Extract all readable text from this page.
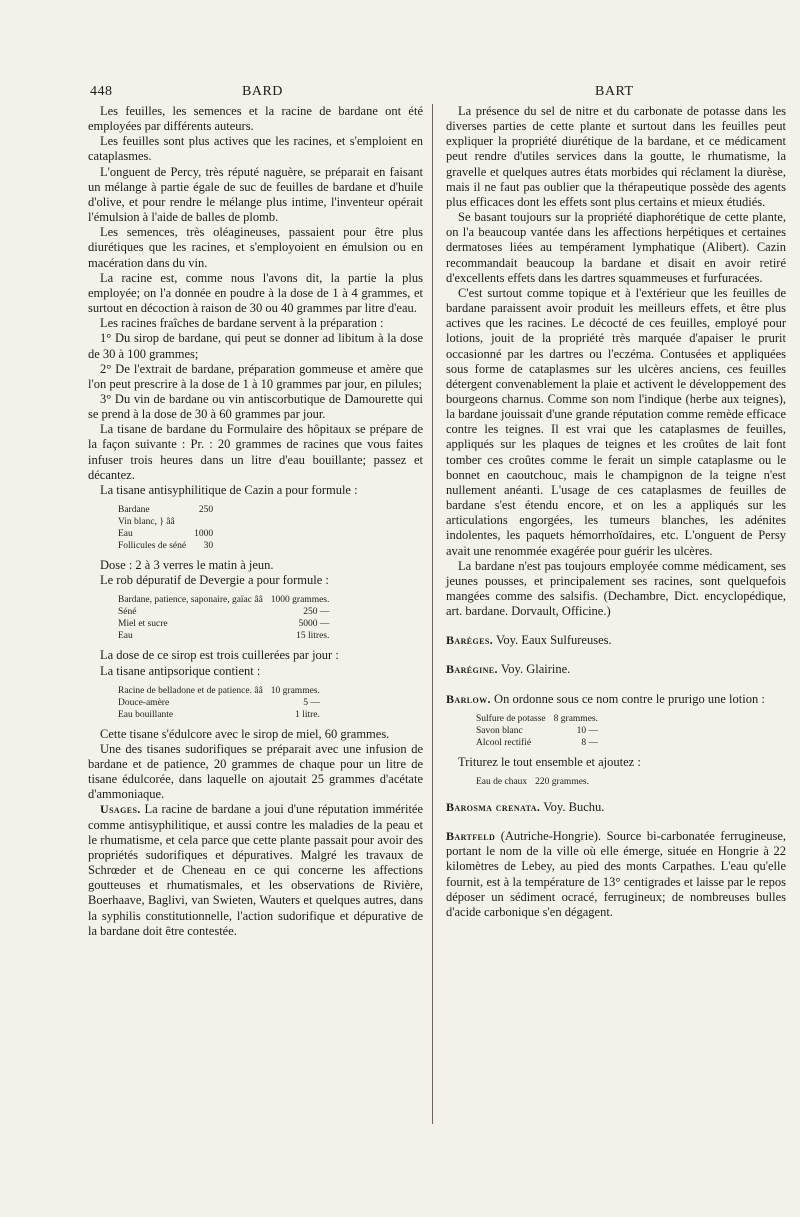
448	BARD	BART

Les feuilles, les semences et la racine de bardane ont été employées par différents auteurs.

Les feuilles sont plus actives que les racines, et s'emploient en cataplasmes.

L'onguent de Percy, très réputé naguère, se préparait en faisant un mélange à partie égale de suc de feuilles de bardane et d'huile d'olive, et pour rendre le mélange plus intime, l'inventeur opérait l'émulsion à l'aide de balles de plomb.

Les semences, très oléagineuses, passaient pour être plus diurétiques que les racines, et s'employoient en émulsion ou en macération dans du vin.

La racine est, comme nous l'avons dit, la partie la plus employée; on l'a donnée en poudre à la dose de 1 à 4 grammes, et surtout en décoction à raison de 30 ou 40 grammes par litre d'eau.

Les racines fraîches de bardane servent à la préparation :

1° Du sirop de bardane, qui peut se donner ad libitum à la dose de 30 à 100 grammes;

2° De l'extrait de bardane, préparation gommeuse et amère que l'on peut prescrire à la dose de 1 à 10 grammes par jour, en pilules;

3° Du vin de bardane ou vin antiscorbutique de Damourette qui se prend à la dose de 30 à 60 grammes par jour.

La tisane de bardane du Formulaire des hôpitaux se prépare de la façon suivante : Pr. : 20 grammes de racines que vous faites infuser trois heures dans un litre d'eau bouillante; passez et décantez.

La tisane antisyphilitique de Cazin a pour formule :

Bardane	250
Vin blanc, } ââ	
Eau	1000
Follicules de séné	30

Dose : 2 à 3 verres le matin à jeun.

Le rob dépuratif de Devergie a pour formule :

Bardane, patience, saponaire, gaïac ââ	1000 grammes.
Séné	250 —
Miel et sucre	5000 —
Eau	15 litres.

La dose de ce sirop est trois cuillerées par jour :

La tisane antipsorique contient :

Racine de belladone et de patience. ââ	10 grammes.
Douce-amère	5 —
Eau bouillante	1 litre.

Cette tisane s'édulcore avec le sirop de miel, 60 grammes.

Une des tisanes sudorifiques se préparait avec une infusion de bardane et de patience, 20 grammes de chaque pour un litre de tisane édulcorée, dans laquelle on ajoutait 25 grammes d'acétate d'ammoniaque.

Usages. La racine de bardane a joui d'une réputation imméritée comme antisyphilitique, et aussi contre les maladies de la peau et le rhumatisme, et cela parce que cette plante passait pour avoir des propriétés sudorifiques et dépuratives. Malgré les travaux de Schrœder et de Cheneau en ce qui concerne les affections goutteuses et rhumatismales, et les observations de Rivière, Boerhaave, Baglivi, van Swieten, Wauters et quelques autres, dans la syphilis constitutionnelle, l'action sudorifique et dépurative de la bardane doit être contestée.

La présence du sel de nitre et du carbonate de potasse dans les diverses parties de cette plante et surtout dans les feuilles peut expliquer la propriété diurétique de la bardane, et ce médicament peut rendre d'utiles services dans la goutte, le rhumatisme, la gravelle et quelques autres états morbides qui réclament la diurèse, mais il ne faut pas oublier que la thérapeutique possède des agents plus efficaces dont les effets sont plus certains et mieux étudiés.

Se basant toujours sur la propriété diaphorétique de cette plante, on l'a beaucoup vantée dans les affections herpétiques et certaines dermatoses liées au tempérament lymphatique (Alibert). Cazin recommandait beaucoup la bardane et disait en avoir retiré d'excellents effets dans les dartres squammeuses et furfuracées.

C'est surtout comme topique et à l'extérieur que les feuilles de bardane paraissent avoir produit les meilleurs effets, et être plus actives que les racines. Le décocté de ces feuilles, employé pour lotions, jouit de la propriété très marquée d'apaiser le prurit occasionné par les dartres ou l'eczéma. Contusées et appliquées sous forme de cataplasmes sur les ulcères anciens, ces feuilles détergent convenablement la plaie et activent le développement des bourgeons charnus. Comme son nom l'indique (herbe aux teignes), la bardane jouissait d'une grande réputation comme remède efficace contre les teignes. Il est vrai que les cataplasmes de feuilles, appliqués sur les plaques de teignes et les croûtes de lait font tomber ces croûtes comme le ferait un simple cataplasme ou le bonnet en caoutchouc, mais le champignon de la teigne n'est nullement anéanti. L'usage de ces cataplasmes de feuilles de bardane s'est étendu encore, et on les a appliqués sur les articulations engorgées, les tumeurs blanches, les adénites indolentes, les paquets hémorrhoïdaires, etc. L'onguent de Persy avait une renommée exagérée pour guérir les ulcères.

La bardane n'est pas toujours employée comme médicament, ses jeunes pousses, et principalement ses racines, sont quelquefois mangées comme des salsifis. (Dechambre, Dict. encyclopédique, art. bardane. Dorvault, Officine.)

Barèges. Voy. Eaux Sulfureuses.

Barégine. Voy. Glairine.

Barlow. On ordonne sous ce nom contre le prurigo une lotion :

Sulfure de potasse	8 grammes.
Savon blanc	10 —
Alcool rectifié	8 —

Triturez le tout ensemble et ajoutez :

Eau de chaux	220 grammes.

Barosma crenata. Voy. Buchu.

Bartfeld (Autriche-Hongrie). Source bi-carbonatée ferrugineuse, portant le nom de la ville où elle émerge, située en Hongrie à 22 kilomètres de Lebey, au pied des monts Carpathes. L'eau qu'elle fournit, est à la température de 13° centigrades et laisse par le repos déposer un sédiment ocracé, ferrugineux; de nombreuses bulles d'acide carbonique s'en dégagent.
